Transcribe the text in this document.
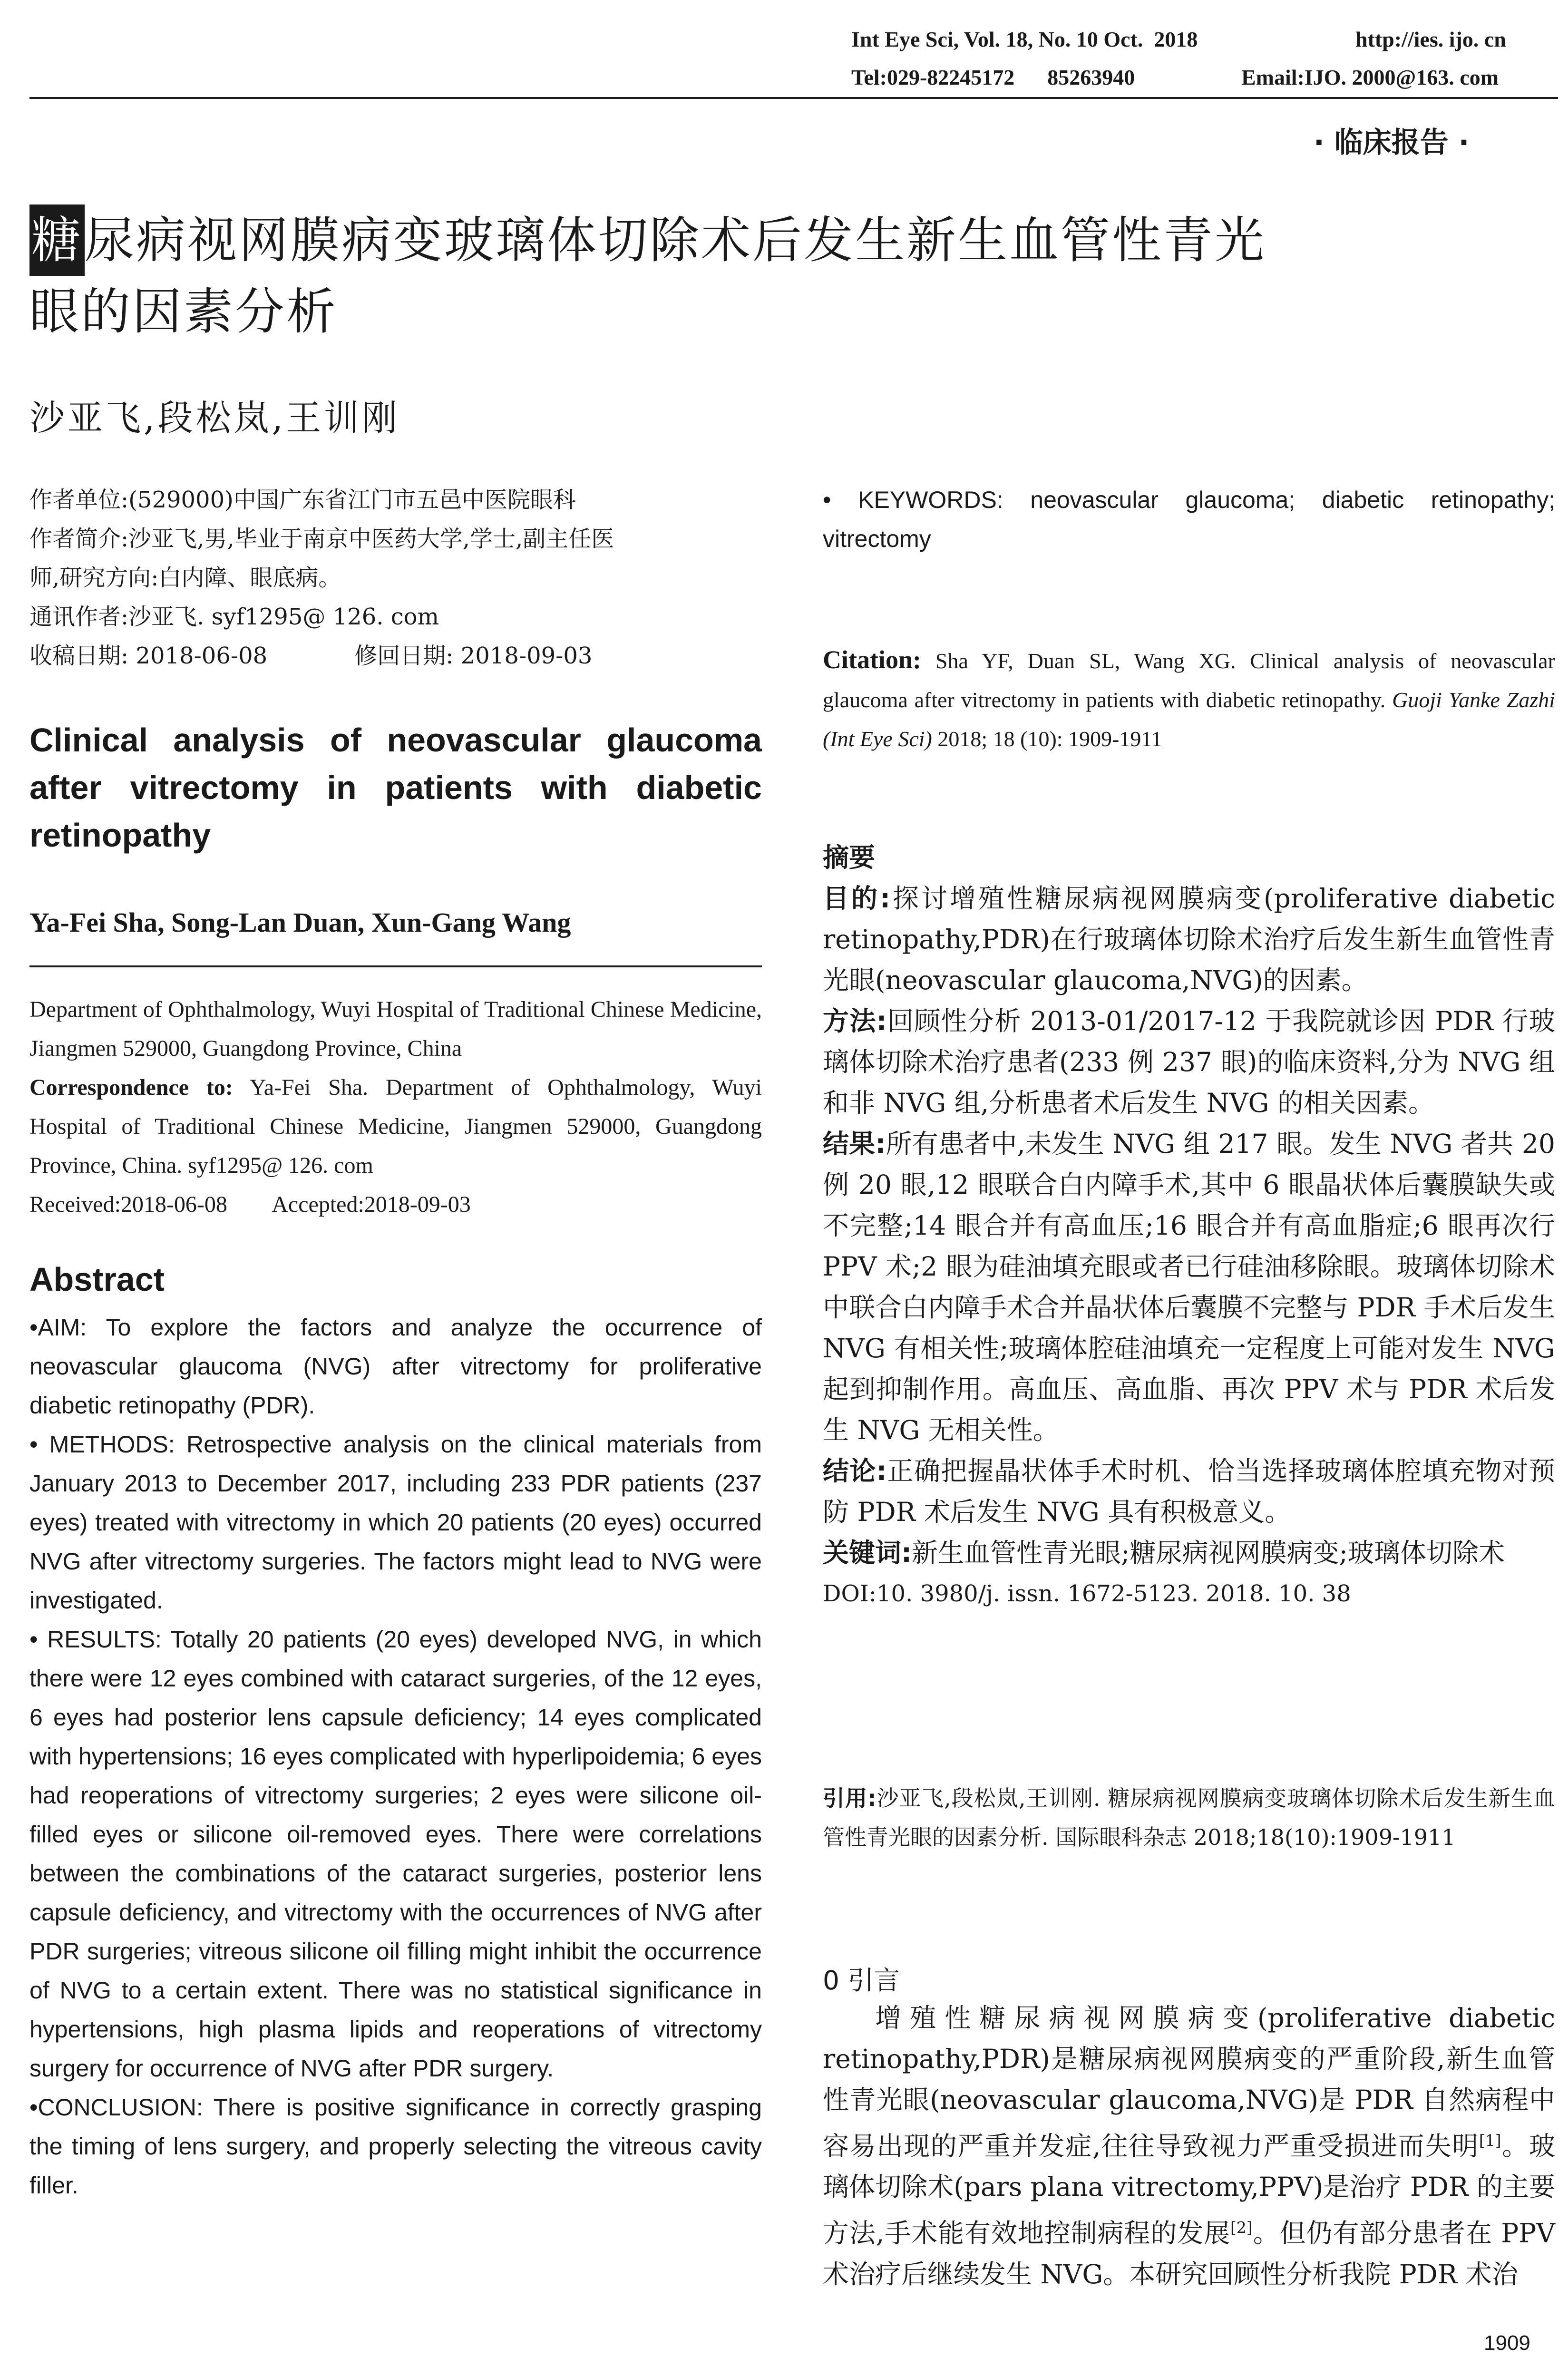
Int Eye Sci, Vol. 18, No. 10 Oct.  2018	http://ies. ijo. cn
Tel:029-82245172      85263940	Email:IJO. 2000@163. com
· 临床报告 ·
糖尿病视网膜病变玻璃体切除术后发生新生血管性青光
眼的因素分析
沙亚飞,段松岚,王训刚
作者单位:(529000)中国广东省江门市五邑中医院眼科
作者简介:沙亚飞,男,毕业于南京中医药大学,学士,副主任医
师,研究方向:白内障、眼底病。
通讯作者:沙亚飞. syf1295@ 126. com
收稿日期: 2018-06-08	修回日期: 2018-09-03
Clinical analysis of neovascular glaucoma after vitrectomy in patients with diabetic retinopathy
Ya-Fei Sha, Song-Lan Duan, Xun-Gang Wang

Department of Ophthalmology, Wuyi Hospital of Traditional Chinese Medicine, Jiangmen 529000, Guangdong Province, China

Correspondence to: Ya-Fei Sha. Department of Ophthalmology, Wuyi Hospital of Traditional Chinese Medicine, Jiangmen 529000, Guangdong Province, China. syf1295@ 126. com

Received:2018-06-08 Accepted:2018-09-03

Abstract

•AIM: To explore the factors and analyze the occurrence of neovascular glaucoma (NVG) after vitrectomy for proliferative diabetic retinopathy (PDR).

• METHODS: Retrospective analysis on the clinical materials from January 2013 to December 2017, including 233 PDR patients (237 eyes) treated with vitrectomy in which 20 patients (20 eyes) occurred NVG after vitrectomy surgeries. The factors might lead to NVG were investigated.

• RESULTS: Totally 20 patients (20 eyes) developed NVG, in which there were 12 eyes combined with cataract surgeries, of the 12 eyes, 6 eyes had posterior lens capsule deficiency; 14 eyes complicated with hypertensions; 16 eyes complicated with hyperlipoidemia; 6 eyes had reoperations of vitrectomy surgeries; 2 eyes were silicone oil-filled eyes or silicone oil-removed eyes. There were correlations between the combinations of the cataract surgeries, posterior lens capsule deficiency, and vitrectomy with the occurrences of NVG after PDR surgeries; vitreous silicone oil filling might inhibit the occurrence of NVG to a certain extent. There was no statistical significance in hypertensions, high plasma lipids and reoperations of vitrectomy surgery for occurrence of NVG after PDR surgery.

•CONCLUSION: There is positive significance in correctly grasping the timing of lens surgery, and properly selecting the vitreous cavity filler.

• KEYWORDS: neovascular glaucoma; diabetic retinopathy; vitrectomy

Citation: Sha YF, Duan SL, Wang XG. Clinical analysis of neovascular glaucoma after vitrectomy in patients with diabetic retinopathy. Guoji Yanke Zazhi (Int Eye Sci) 2018; 18 (10): 1909-1911

摘要

目的:探讨增殖性糖尿病视网膜病变(proliferative diabetic retinopathy,PDR)在行玻璃体切除术治疗后发生新生血管性青光眼(neovascular glaucoma,NVG)的因素。

方法:回顾性分析 2013-01/2017-12 于我院就诊因 PDR 行玻璃体切除术治疗患者(233 例 237 眼)的临床资料,分为 NVG 组和非 NVG 组,分析患者术后发生 NVG 的相关因素。

结果:所有患者中,未发生 NVG 组 217 眼。发生 NVG 者共 20 例 20 眼,12 眼联合白内障手术,其中 6 眼晶状体后囊膜缺失或不完整;14 眼合并有高血压;16 眼合并有高血脂症;6 眼再次行 PPV 术;2 眼为硅油填充眼或者已行硅油移除眼。玻璃体切除术中联合白内障手术合并晶状体后囊膜不完整与 PDR 手术后发生 NVG 有相关性;玻璃体腔硅油填充一定程度上可能对发生 NVG 起到抑制作用。高血压、高血脂、再次 PPV 术与 PDR 术后发生 NVG 无相关性。

结论:正确把握晶状体手术时机、恰当选择玻璃体腔填充物对预防 PDR 术后发生 NVG 具有积极意义。

关键词:新生血管性青光眼;糖尿病视网膜病变;玻璃体切除术

DOI:10. 3980/j. issn. 1672-5123. 2018. 10. 38

引用:沙亚飞,段松岚,王训刚. 糖尿病视网膜病变玻璃体切除术后发生新生血管性青光眼的因素分析. 国际眼科杂志 2018;18(10):1909-1911

0 引言

增殖性糖尿病视网膜病变(proliferative diabetic retinopathy,PDR)是糖尿病视网膜病变的严重阶段,新生血管性青光眼(neovascular glaucoma,NVG)是 PDR 自然病程中容易出现的严重并发症,往往导致视力严重受损进而失明[1]。玻璃体切除术(pars plana vitrectomy,PPV)是治疗 PDR 的主要方法,手术能有效地控制病程的发展[2]。但仍有部分患者在 PPV 术治疗后继续发生 NVG。本研究回顾性分析我院 PDR 术治

1909
